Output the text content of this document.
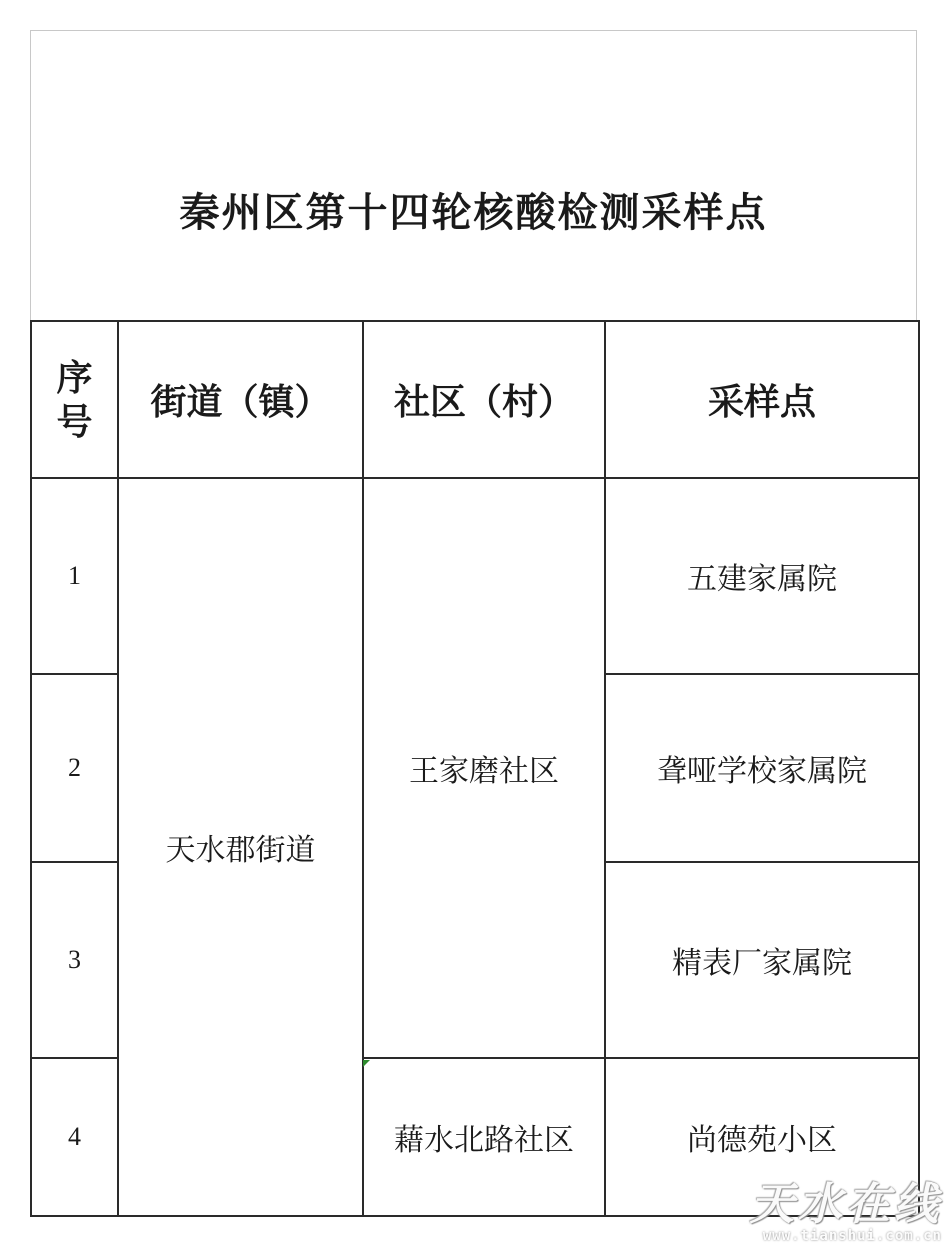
秦州区第十四轮核酸检测采样点
序号	街道（镇）	社区（村）	采样点
1	天水郡街道	王家磨社区	五建家属院
2			聋哑学校家属院
3			精表厂家属院
4		藉水北路社区	尚德苑小区
天水在线
www.tianshui.com.cn
